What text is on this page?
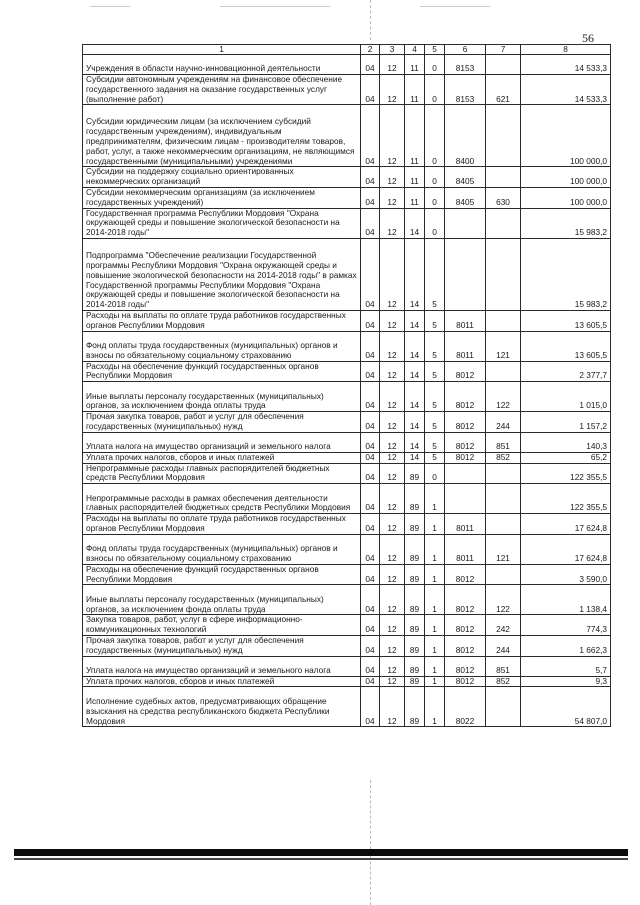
56
1	2	3	4	5	6	7	8
Учреждения в области научно-инновационной деятельности	04	12	11	0	8153		14 533,3
Субсидии автономным учреждениям на финансовое обеспечение государственного задания на оказание государственных услуг (выполнение работ)	04	12	11	0	8153	621	14 533,3
Субсидии юридическим лицам (за исключением субсидий государственным учреждениям), индивидуальным предпринимателям, физическим лицам - производителям товаров, работ, услуг, а также некоммерческим организациям, не являющимся государственными (муниципальными) учреждениями	04	12	11	0	8400		100 000,0
Субсидии на поддержку социально ориентированных некоммерческих организаций	04	12	11	0	8405		100 000,0
Субсидии некоммерческим организациям (за исключением государственных учреждений)	04	12	11	0	8405	630	100 000,0
Государственная программа Республики Мордовия "Охрана окружающей среды и повышение экологической безопасности на 2014-2018 годы"	04	12	14	0			15 983,2
Подпрограмма "Обеспечение реализации Государственной программы Республики Мордовия "Охрана окружающей среды и повышение экологической безопасности на 2014-2018 годы" в рамках Государственной программы Республики Мордовия "Охрана окружающей среды и повышение экологической безопасности на 2014-2018 годы"	04	12	14	5			15 983,2
Расходы на выплаты по оплате труда работников государственных органов Республики Мордовия	04	12	14	5	8011		13 605,5
Фонд оплаты труда государственных (муниципальных) органов и взносы по обязательному социальному страхованию	04	12	14	5	8011	121	13 605,5
Расходы на обеспечение функций государственных органов Республики Мордовия	04	12	14	5	8012		2 377,7
Иные выплаты персоналу государственных (муниципальных) органов, за исключением фонда оплаты труда	04	12	14	5	8012	122	1 015,0
Прочая закупка товаров, работ и услуг для обеспечения государственных (муниципальных) нужд	04	12	14	5	8012	244	1 157,2
Уплата налога на имущество организаций и земельного налога	04	12	14	5	8012	851	140,3
Уплата прочих налогов, сборов и иных платежей	04	12	14	5	8012	852	65,2
Непрограммные расходы главных распорядителей бюджетных средств Республики Мордовия	04	12	89	0			122 355,5
Непрограммные расходы в рамках обеспечения деятельности главных распорядителей бюджетных средств Республики Мордовия	04	12	89	1			122 355,5
Расходы на выплаты по оплате труда работников государственных органов Республики Мордовия	04	12	89	1	8011		17 624,8
Фонд оплаты труда государственных (муниципальных) органов и взносы по обязательному социальному страхованию	04	12	89	1	8011	121	17 624,8
Расходы на обеспечение функций государственных органов Республики Мордовия	04	12	89	1	8012		3 590,0
Иные выплаты персоналу государственных (муниципальных) органов, за исключением фонда оплаты труда	04	12	89	1	8012	122	1 138,4
Закупка товаров, работ, услуг в сфере информационно-коммуникационных технологий	04	12	89	1	8012	242	774,3
Прочая закупка товаров, работ и услуг для обеспечения государственных (муниципальных) нужд	04	12	89	1	8012	244	1 662,3
Уплата налога на имущество организаций и земельного налога	04	12	89	1	8012	851	5,7
Уплата прочих налогов, сборов и иных платежей	04	12	89	1	8012	852	9,3
Исполнение судебных актов, предусматривающих обращение взыскания на средства республиканского бюджета Республики Мордовия	04	12	89	1	8022		54 807,0
